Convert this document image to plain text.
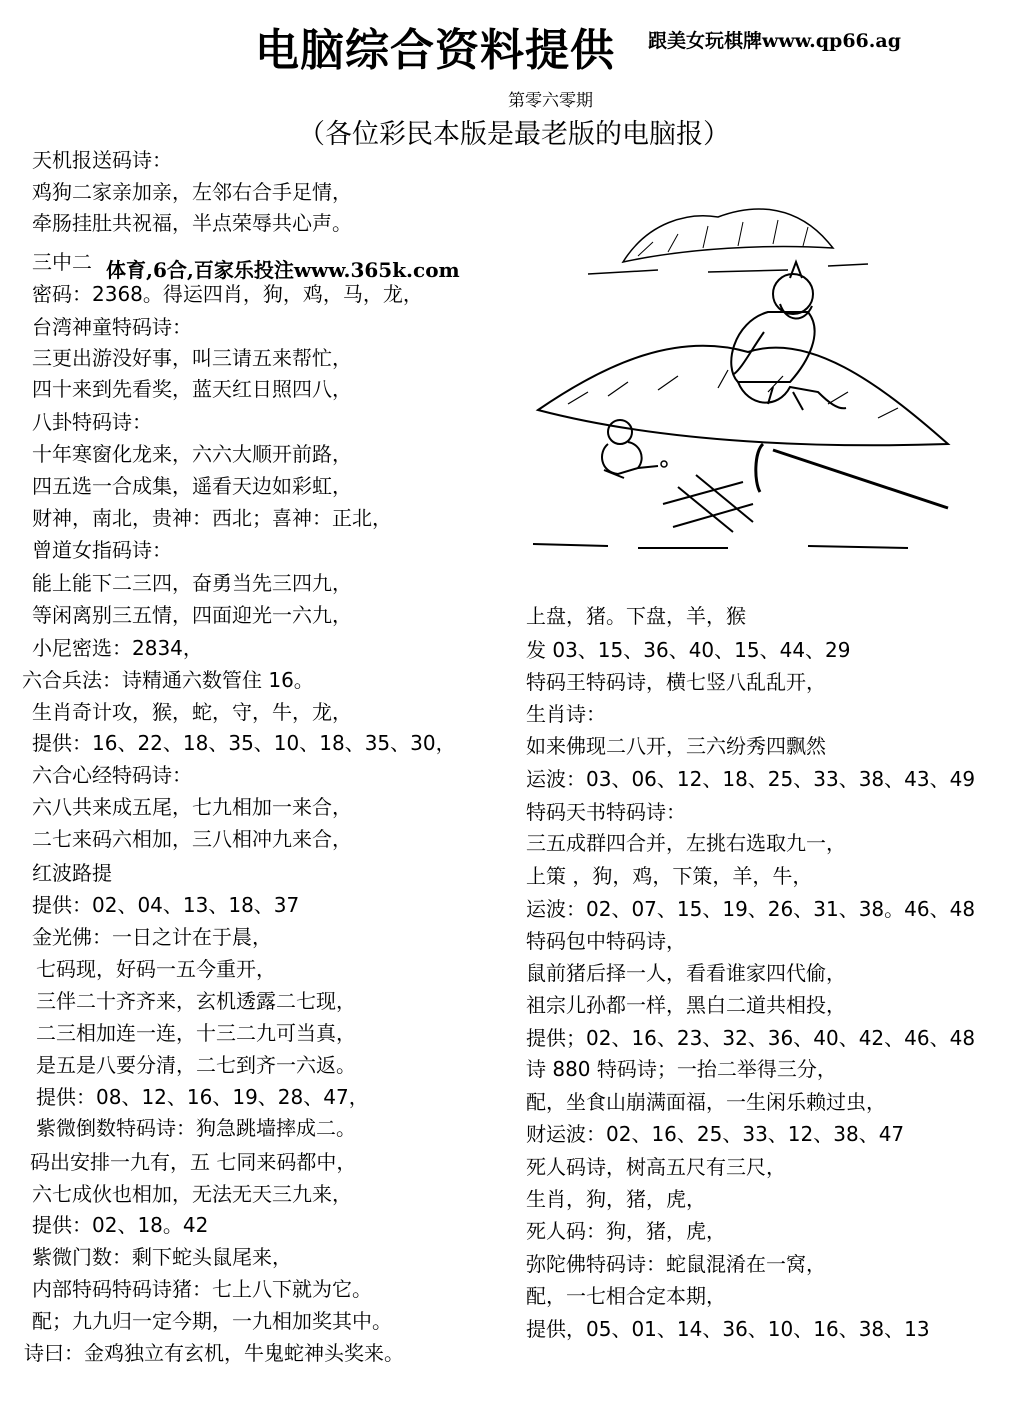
电脑综合资料提供 跟美女玩棋牌www.qp66.ag
第零六零期
（各位彩民本版是最老版的电脑报）
天机报送码诗：
鸡狗二家亲加亲，左邻右合手足情，
牵肠挂肚共祝福，半点荣辱共心声。
三中二
密码：2368。得运四肖，狗，鸡，马，龙，
台湾神童特码诗：
三更出游没好事，叫三请五来帮忙，
四十来到先看奖，蓝天红日照四八，
八卦特码诗：
十年寒窗化龙来，六六大顺开前路，
四五选一合成集，遥看天边如彩虹，
财神，南北，贵神：西北；喜神：正北，
曾道女指码诗：
能上能下二三四，奋勇当先三四九，
等闲离别三五情，四面迎光一六九，
小尼密选：2834，
六合兵法：诗精通六数管住 16。
生肖奇计攻，猴，蛇，守，牛，龙，
提供：16、22、18、35、10、18、35、30，
六合心经特码诗：
六八共来成五尾，七九相加一来合，
二七来码六相加，三八相冲九来合，
红波路提
提供：02、04、13、18、37
金光佛：一日之计在于晨，
七码现，好码一五今重开，
三伴二十齐齐来，玄机透露二七现，
二三相加连一连，十三二九可当真，
是五是八要分清，二七到齐一六返。
提供：08、12、16、19、28、47，
紫微倒数特码诗：狗急跳墙摔成二。
码出安排一九有，五 七同来码都中，
六七成伙也相加，无法无天三九来，
提供：02、18。42
紫微门数：剩下蛇头鼠尾来，
内部特码特码诗猪：七上八下就为它。
配；九九归一定今期，一九相加奖其中。
诗曰：金鸡独立有玄机，牛鬼蛇神头奖来。
上盘，猪。下盘，羊，猴
发 03、15、36、40、15、44、29
特码王特码诗，横七竖八乱乱开，
生肖诗：
如来佛现二八开，三六纷秀四飘然
运波：03、06、12、18、25、33、38、43、49
特码天书特码诗：
三五成群四合并，左挑右选取九一，
上策 ，狗，鸡，下策，羊，牛，
运波：02、07、15、19、26、31、38。46、48
特码包中特码诗，
鼠前猪后择一人，看看谁家四代偷，
祖宗儿孙都一样，黑白二道共相投，
提供；02、16、23、32、36、40、42、46、48
诗 880 特码诗；一抬二举得三分，
配，坐食山崩满面福，一生闲乐赖过虫，
财运波：02、16、25、33、12、38、47
死人码诗，树高五尺有三尺，
生肖，狗，猪，虎，
死人码：狗，猪，虎，
弥陀佛特码诗：蛇鼠混淆在一窝，
配，一七相合定本期，
提供，05、01、14、36、10、16、38、13
体育,6合,百家乐投注www.365k.com
